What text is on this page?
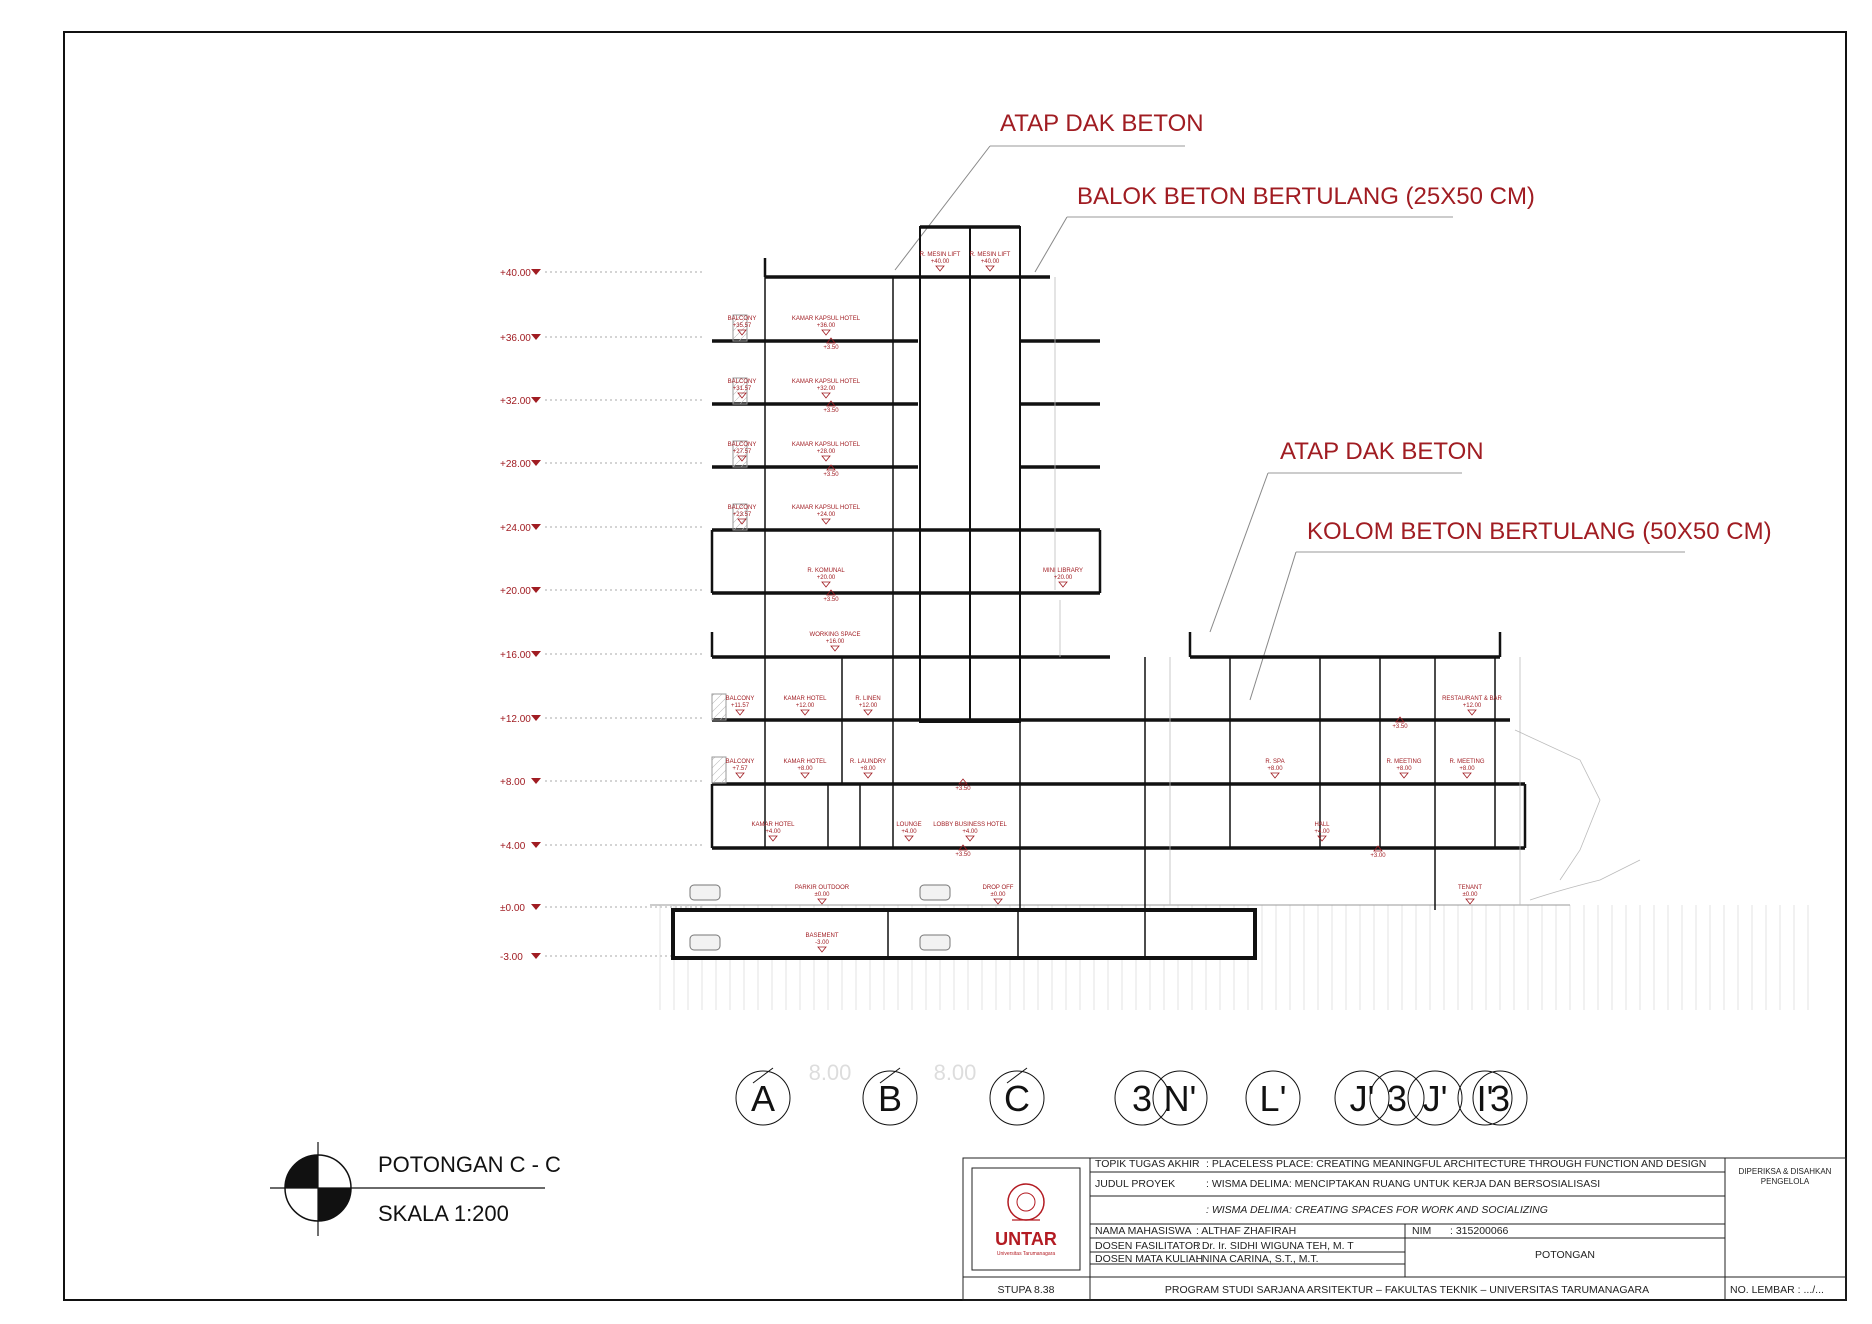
ATAP DAK BETON
BALOK BETON BERTULANG (25X50 CM)
ATAP DAK BETON
KOLOM BETON BERTULANG (50X50 CM)
+40.00
+36.00
+32.00
+28.00
+24.00
+20.00
+16.00
+12.00
+8.00
+4.00
±0.00
-3.00
R. MESIN LIFT
+40.00
R. MESIN LIFT
+40.00
BALCONY
+35.57
KAMAR KAPSUL HOTEL
+36.00
BALCONY
+31.57
KAMAR KAPSUL HOTEL
+32.00
BALCONY
+27.57
KAMAR KAPSUL HOTEL
+28.00
BALCONY
+23.57
KAMAR KAPSUL HOTEL
+24.00
R. KOMUNAL
+20.00
MINI LIBRARY
+20.00
WORKING SPACE
+16.00
BALCONY
+11.57
KAMAR HOTEL
+12.00
R. LINEN
+12.00
RESTAURANT & BAR
+12.00
BALCONY
+7.57
KAMAR HOTEL
+8.00
R. LAUNDRY
+8.00
R. SPA
+8.00
R. MEETING
+8.00
R. MEETING
+8.00
KAMAR HOTEL
+4.00
LOUNGE
+4.00
LOBBY BUSINESS HOTEL
+4.00
HALL
+4.00
PARKIR OUTDOOR
±0.00
DROP OFF
±0.00
TENANT
±0.00
BASEMENT
-3.00
+3.50
+3.50
+3.50
+3.50
+3.50
+3.50
+3.50
+3.00
A	B	C	3 N' L' J' 3 J' I'
3
8.00	8.00
POTONGAN C - C
SKALA 1:200
UNTAR
Universitas Tarumanagara
TOPIK TUGAS AKHIR : PLACELESS PLACE: CREATING MEANINGFUL ARCHITECTURE THROUGH FUNCTION AND DESIGN
JUDUL PROYEK	: WISMA DELIMA: MENCIPTAKAN RUANG UNTUK KERJA DAN BERSOSIALISASI
: WISMA DELIMA: CREATING SPACES FOR WORK AND SOCIALIZING
NAMA MAHASISWA : ALTHAF ZHAFIRAH	NIM : 315200066
DOSEN FASILITATOR
: Dr. Ir. SIDHI WIGUNA TEH, M. T
DOSEN MATA KULIAH
: NINA CARINA, S.T., M.T.	POTONGAN
STUPA 8.38	PROGRAM STUDI SARJANA ARSITEKTUR – FAKULTAS TEKNIK – UNIVERSITAS TARUMANAGARA
DIPERIKSA & DISAHKAN
PENGELOLA
NO. LEMBAR : .../...
